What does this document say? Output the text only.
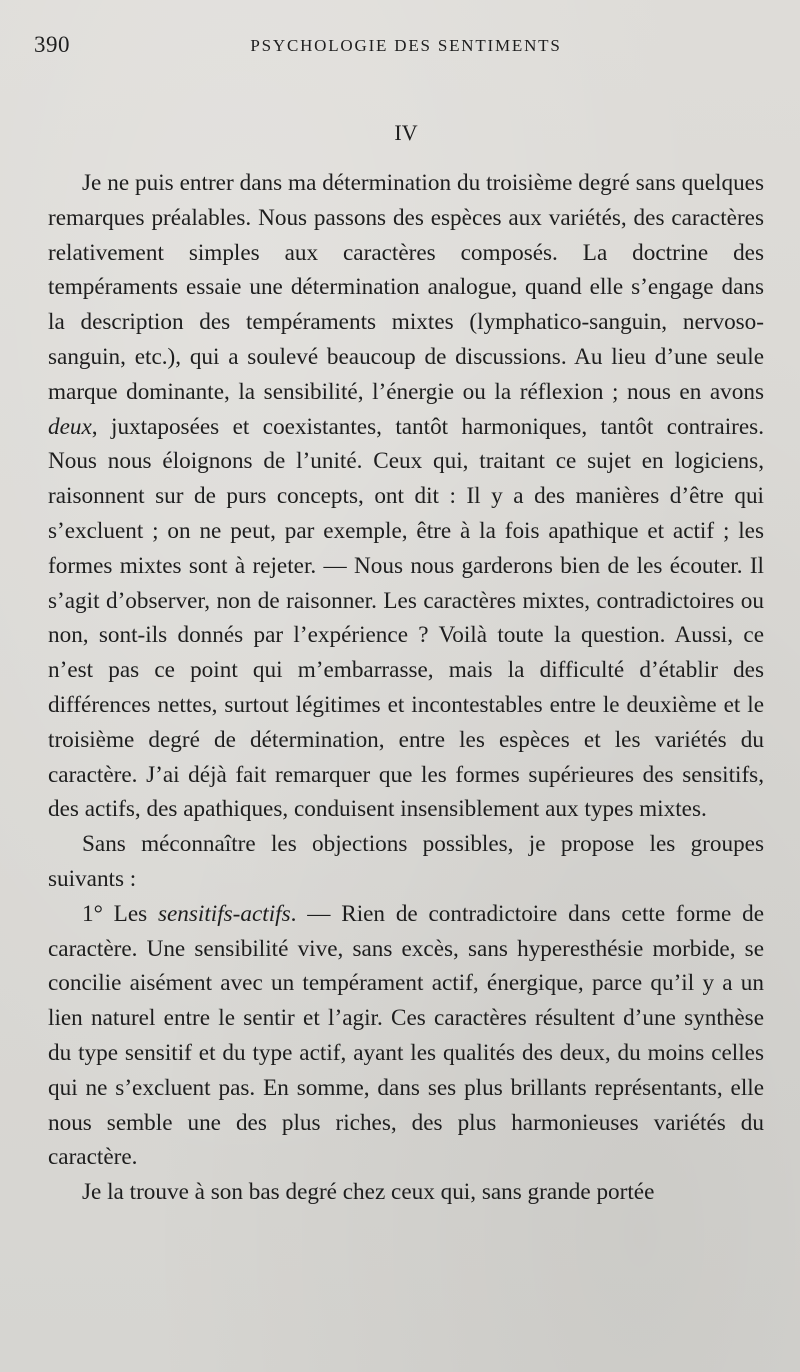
390	PSYCHOLOGIE DES SENTIMENTS
IV

Je ne puis entrer dans ma détermination du troisième degré sans quelques remarques préalables. Nous passons des espèces aux variétés, des caractères relativement simples aux caractères composés. La doctrine des tempéraments essaie une détermination analogue, quand elle s’engage dans la description des tempéraments mixtes (lymphatico-sanguin, nervoso-sanguin, etc.), qui a soulevé beaucoup de discussions. Au lieu d’une seule marque dominante, la sensibilité, l’énergie ou la réflexion ; nous en avons deux, juxtaposées et coexistantes, tantôt harmoniques, tantôt contraires. Nous nous éloignons de l’unité. Ceux qui, traitant ce sujet en logiciens, raisonnent sur de purs concepts, ont dit : Il y a des manières d’être qui s’excluent ; on ne peut, par exemple, être à la fois apathique et actif ; les formes mixtes sont à rejeter. — Nous nous garderons bien de les écouter. Il s’agit d’observer, non de raisonner. Les caractères mixtes, contradictoires ou non, sont-ils donnés par l’expérience ? Voilà toute la question. Aussi, ce n’est pas ce point qui m’embarrasse, mais la difficulté d’établir des différences nettes, surtout légitimes et incontestables entre le deuxième et le troisième degré de détermination, entre les espèces et les variétés du caractère. J’ai déjà fait remarquer que les formes supérieures des sensitifs, des actifs, des apathiques, conduisent insensiblement aux types mixtes.

Sans méconnaître les objections possibles, je propose les groupes suivants :

1° Les sensitifs-actifs. — Rien de contradictoire dans cette forme de caractère. Une sensibilité vive, sans excès, sans hyperesthésie morbide, se concilie aisément avec un tempérament actif, énergique, parce qu’il y a un lien naturel entre le sentir et l’agir. Ces caractères résultent d’une synthèse du type sensitif et du type actif, ayant les qualités des deux, du moins celles qui ne s’excluent pas. En somme, dans ses plus brillants représentants, elle nous semble une des plus riches, des plus harmonieuses variétés du caractère.

Je la trouve à son bas degré chez ceux qui, sans grande portée
